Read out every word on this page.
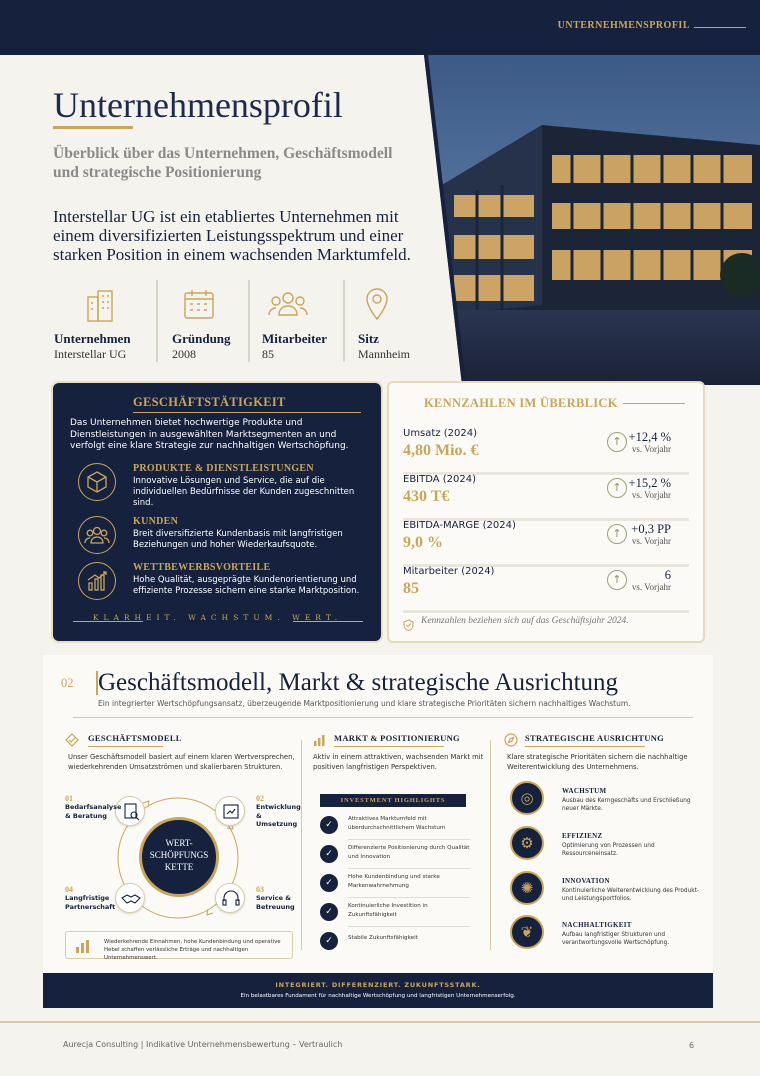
UNTERNEHMENSPROFIL
Unternehmensprofil
Überblick über das Unternehmen, Geschäftsmodell und strategische Positionierung
Interstellar UG ist ein etabliertes Unternehmen mit einem diversifizierten Leistungsspektrum und einer starken Position in einem wachsenden Marktumfeld.
Unternehmen
Interstellar UG
Gründung
2008
Mitarbeiter
85
Sitz
Mannheim
GESCHÄFTSTÄTIGKEIT
Das Unternehmen bietet hochwertige Produkte und Dienstleistungen in ausgewählten Marktsegmenten an und verfolgt eine klare Strategie zur nachhaltigen Wertschöpfung.
PRODUKTE & DIENSTLEISTUNGEN
Innovative Lösungen und Service, die auf die individuellen Bedürfnisse der Kunden zugeschnitten sind.
KUNDEN
Breit diversifizierte Kundenbasis mit langfristigen Beziehungen und hoher Wiederkaufsquote.
WETTBEWERBSVORTEILE
Hohe Qualität, ausgeprägte Kundenorientierung und effiziente Prozesse sichern eine starke Marktposition.
KLARHEIT. WACHSTUM. WERT.
KENNZAHLEN IM ÜBERBLICK
Umsatz (2024)
4,80 Mio. €
↑ +12,4 %
vs. Vorjahr
EBITDA (2024)
430 T€
↑ +15,2 %
vs. Vorjahr
EBITDA-MARGE (2024)
9,0 %
↑ +0,3 PP
vs. Vorjahr
Mitarbeiter (2024)
85
↑	6
vs. Vorjahr
Kennzahlen beziehen sich auf das Geschäftsjahr 2024.
02 Geschäftsmodell, Markt & strategische Ausrichtung
Ein integrierter Wertschöpfungsansatz, überzeugende Marktpositionierung und klare strategische Prioritäten sichern nachhaltiges Wachstum.
GESCHÄFTSMODELL
Unser Geschäftsmodell basiert auf einem klaren Wertversprechen, wiederkehrenden Umsatzströmen und skalierbaren Strukturen.
WERT-
SCHÖPFUNGS
KETTE
01
Bedarfsanalyse & Beratung
02
Entwicklung & Umsetzung
04
Langfristige Partnerschaft
03
Service & Betreuung
Wiederkehrende Einnahmen, hohe Kundenbindung und operative Hebel schaffen verlässliche Erträge und nachhaltigen Unternehmenswert.
MARKT & POSITIONIERUNG
Aktiv in einem attraktiven, wachsenden Markt mit positiven langfristigen Perspektiven.
INVESTMENT HIGHLIGHTS
✓
Attraktives Marktumfeld mit überdurchschnittlichem Wachstum
✓
Differenzierte Positionierung durch Qualität und Innovation
✓
Hohe Kundenbindung und starke Markenwahrnehmung
✓
Kontinuierliche Investition in Zukunftsfähigkeit
✓	Stabile Zukunftsfähigkeit
STRATEGISCHE AUSRICHTUNG
Klare strategische Prioritäten sichern die nachhaltige Weiterentwicklung des Unternehmens.
◎	WACHSTUM
Ausbau des Kerngeschäfts und Erschließung neuer Märkte.
⚙	EFFIZIENZ
Optimierung von Prozessen und Ressourceneinsatz.
✺	INNOVATION
Kontinuierliche Weiterentwicklung des Produkt- und Leistungsportfolios.
❦	NACHHALTIGKEIT
Aufbau langfristiger Strukturen und verantwortungsvolle Wertschöpfung.
INTEGRIERT. DIFFERENZIERT. ZUKUNFTSSTARK.
Ein belastbares Fundament für nachhaltige Wertschöpfung und langfristigen Unternehmenserfolg.
Aurecja Consulting | Indikative Unternehmensbewertung – Vertraulich	6
